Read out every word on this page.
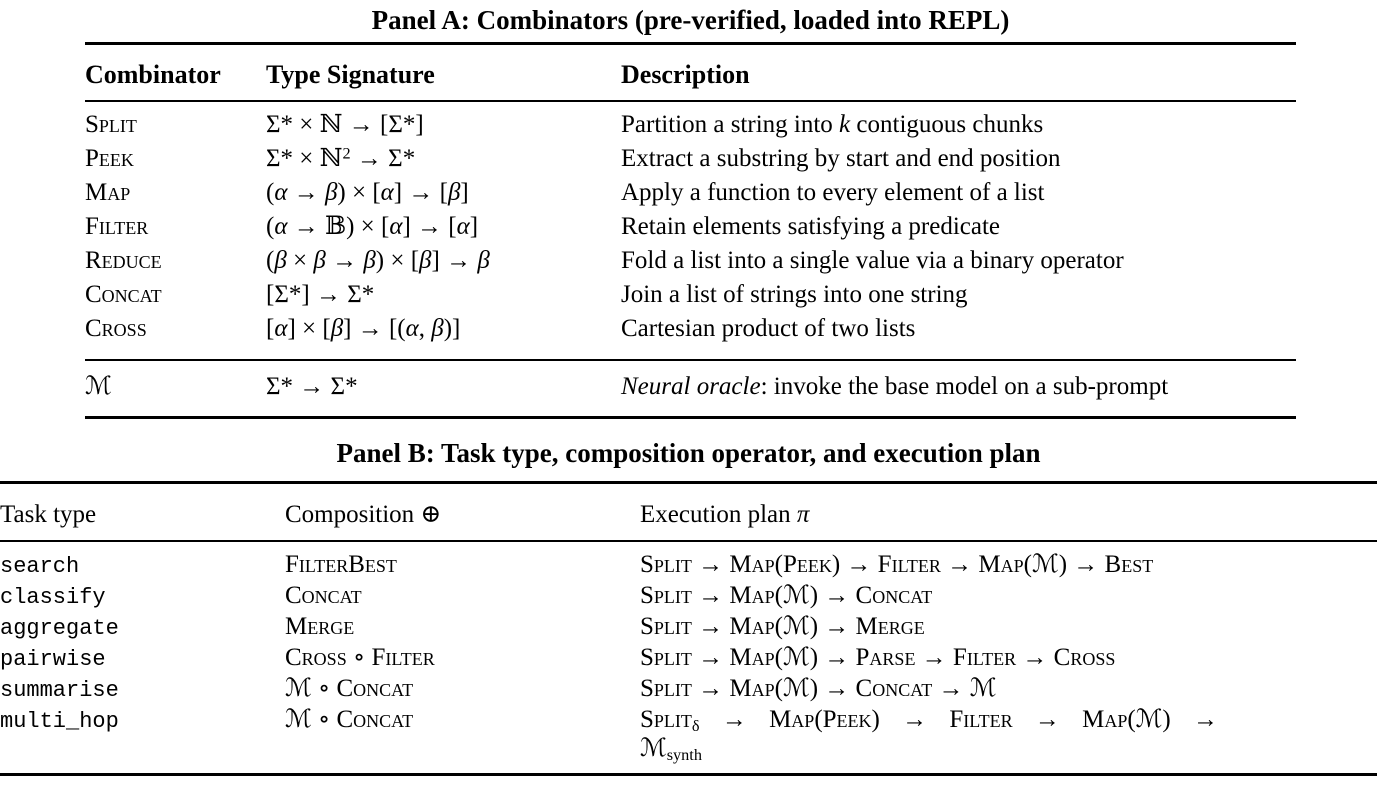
Panel A: Combinators (pre-verified, loaded into REPL)
Combinator	Type Signature	Description
Split	Σ* × ℕ → [Σ*]	Partition a string into k contiguous chunks
Peek	Σ* × ℕ$^2$ → Σ*	Extract a substring by start and end position
Map	(α → β) × [α] → [β]	Apply a function to every element of a list
Filter	(α → 𝔹) × [α] → [α]	Retain elements satisfying a predicate
Reduce	(β × β → β) × [β] → β	Fold a list into a single value via a binary operator
Concat	[Σ*] → Σ*	Join a list of strings into one string
Cross	[α] × [β] → [(α, β)]	Cartesian product of two lists
ℳ	Σ* → Σ*	Neural oracle: invoke the base model on a sub-prompt
Panel B: Task type, composition operator, and execution plan
Task type	Composition ⊕	Execution plan π
search	FilterBest	Split → Map(Peek) → Filter → Map(ℳ) → Best
classify	Concat	Split → Map(ℳ) → Concat
aggregate	Merge	Split → Map(ℳ) → Merge
pairwise	Cross ∘ Filter	Split → Map(ℳ) → Parse → Filter → Cross
summarise	ℳ ∘ Concat	Split → Map(ℳ) → Concat → ℳ
multi_hop	ℳ ∘ Concat	Split$_\delta$ → Map(Peek) → Filter → Map(ℳ) →
ℳ$_{synth}$
